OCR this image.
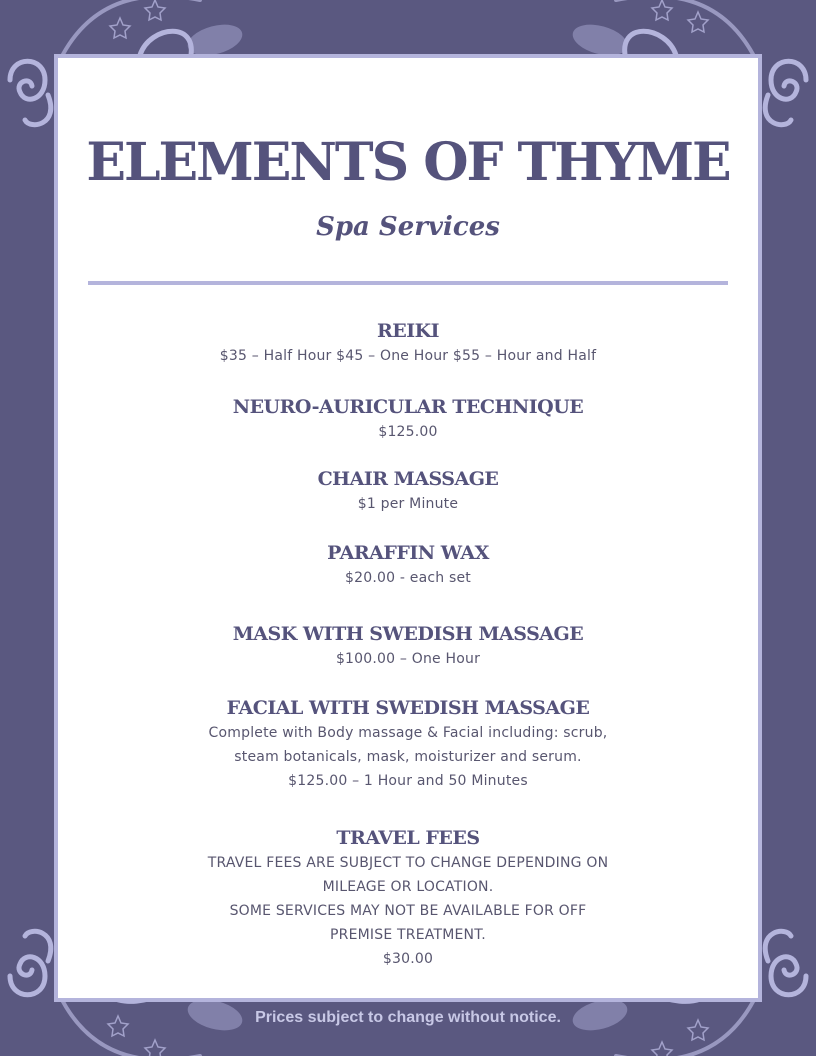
ELEMENTS OF THYME
Spa Services
REIKI
$35 – Half Hour $45 – One Hour $55 – Hour and Half
NEURO-AURICULAR TECHNIQUE
$125.00
CHAIR MASSAGE
$1 per Minute
PARAFFIN WAX
$20.00 - each set
MASK WITH SWEDISH MASSAGE
$100.00 – One Hour
FACIAL WITH SWEDISH MASSAGE
Complete with Body massage & Facial including: scrub,
steam botanicals, mask, moisturizer and serum.
$125.00 – 1 Hour and 50 Minutes
TRAVEL FEES
TRAVEL FEES ARE SUBJECT TO CHANGE DEPENDING ON
MILEAGE OR LOCATION.
SOME SERVICES MAY NOT BE AVAILABLE FOR OFF
PREMISE TREATMENT.
$30.00
Prices subject to change without notice.
